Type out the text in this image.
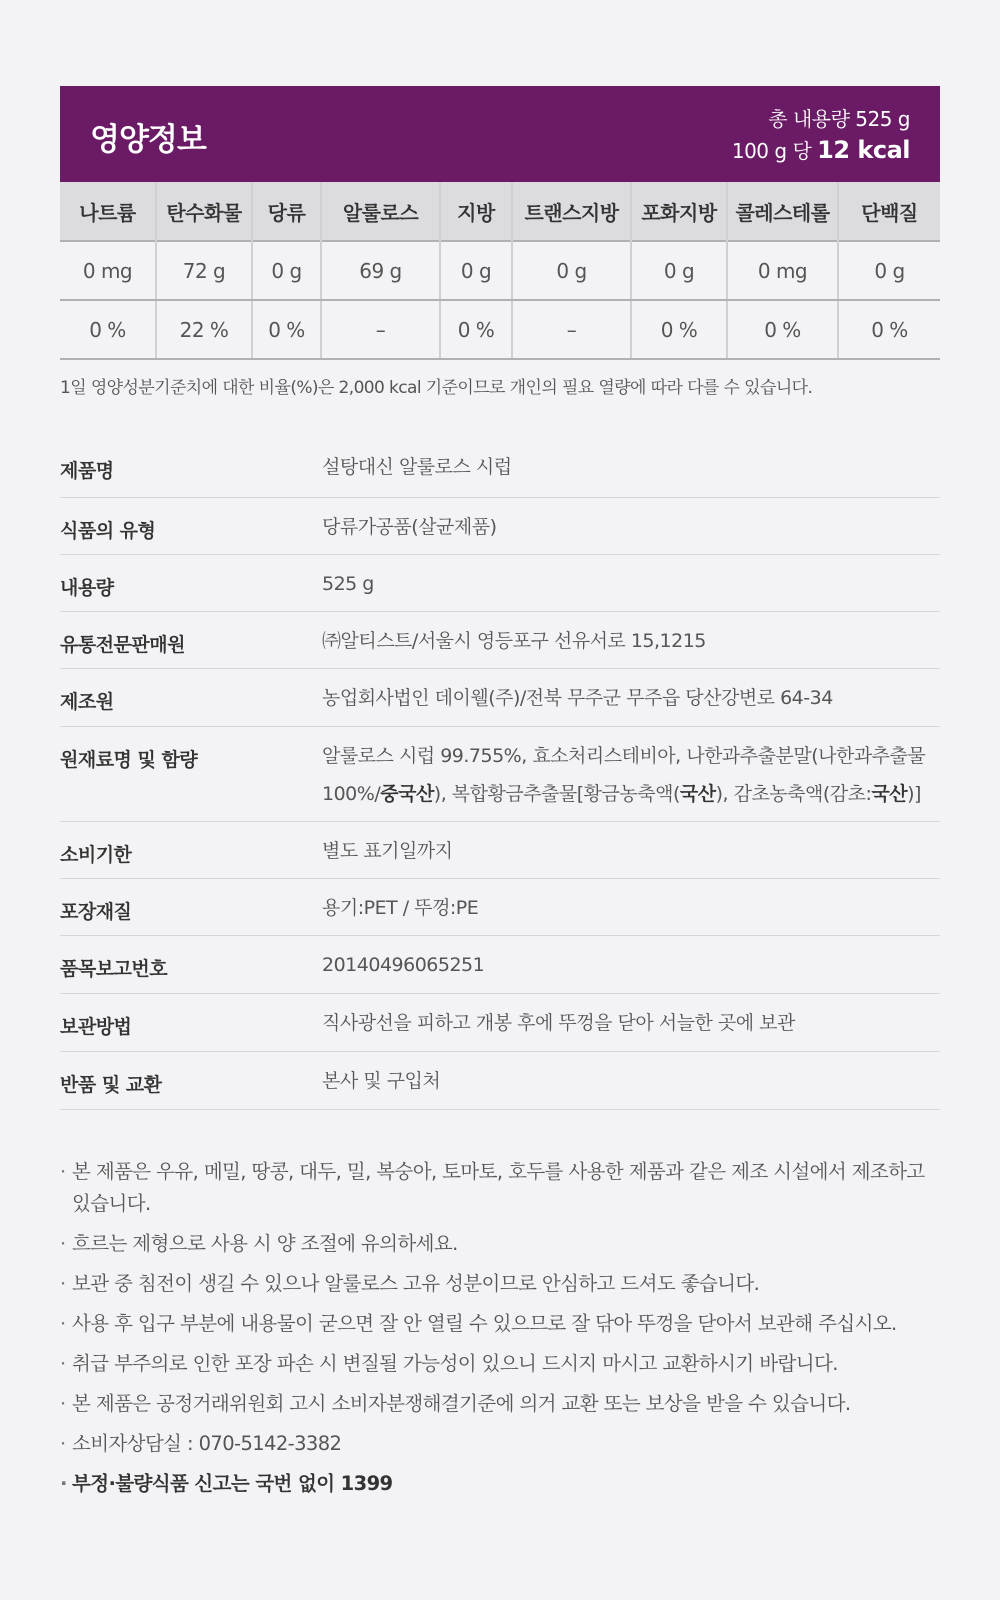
영양정보
총 내용량 525 g
100 g 당 12 kcal
나트륨	탄수화물	당류	알룰로스	지방	트랜스지방	포화지방	콜레스테롤	단백질
0 mg	72 g	0 g	69 g	0 g	0 g	0 g	0 mg	0 g
0 %	22 %	0 %	–	0 %	–	0 %	0 %	0 %
1일 영양성분기준치에 대한 비율(%)은 2,000 kcal 기준이므로 개인의 필요 열량에 따라 다를 수 있습니다.
제품명	설탕대신 알룰로스 시럽
식품의 유형	당류가공품(살균제품)
내용량	525 g
유통전문판매원	㈜알티스트/서울시 영등포구 선유서로 15,1215
제조원	농업회사법인 데이웰(주)/전북 무주군 무주읍 당산강변로 64-34
원재료명 및 함량	알룰로스 시럽 99.755%, 효소처리스테비아, 나한과추출분말(나한과추출물 100%/중국산), 복합황금추출물[황금농축액(국산), 감초농축액(감초:국산)]
소비기한	별도 표기일까지
포장재질	용기:PET / 뚜껑:PE
품목보고번호	20140496065251
보관방법	직사광선을 피하고 개봉 후에 뚜껑을 닫아 서늘한 곳에 보관
반품 및 교환	본사 및 구입처
· 본 제품은 우유, 메밀, 땅콩, 대두, 밀, 복숭아, 토마토, 호두를 사용한 제품과 같은 제조 시설에서 제조하고 있습니다.
· 흐르는 제형으로 사용 시 양 조절에 유의하세요.
· 보관 중 침전이 생길 수 있으나 알룰로스 고유 성분이므로 안심하고 드셔도 좋습니다.
· 사용 후 입구 부분에 내용물이 굳으면 잘 안 열릴 수 있으므로 잘 닦아 뚜껑을 닫아서 보관해 주십시오.
· 취급 부주의로 인한 포장 파손 시 변질될 가능성이 있으니 드시지 마시고 교환하시기 바랍니다.
· 본 제품은 공정거래위원회 고시 소비자분쟁해결기준에 의거 교환 또는 보상을 받을 수 있습니다.
· 소비자상담실 : 070-5142-3382
· 부정·불량식품 신고는 국번 없이 1399
